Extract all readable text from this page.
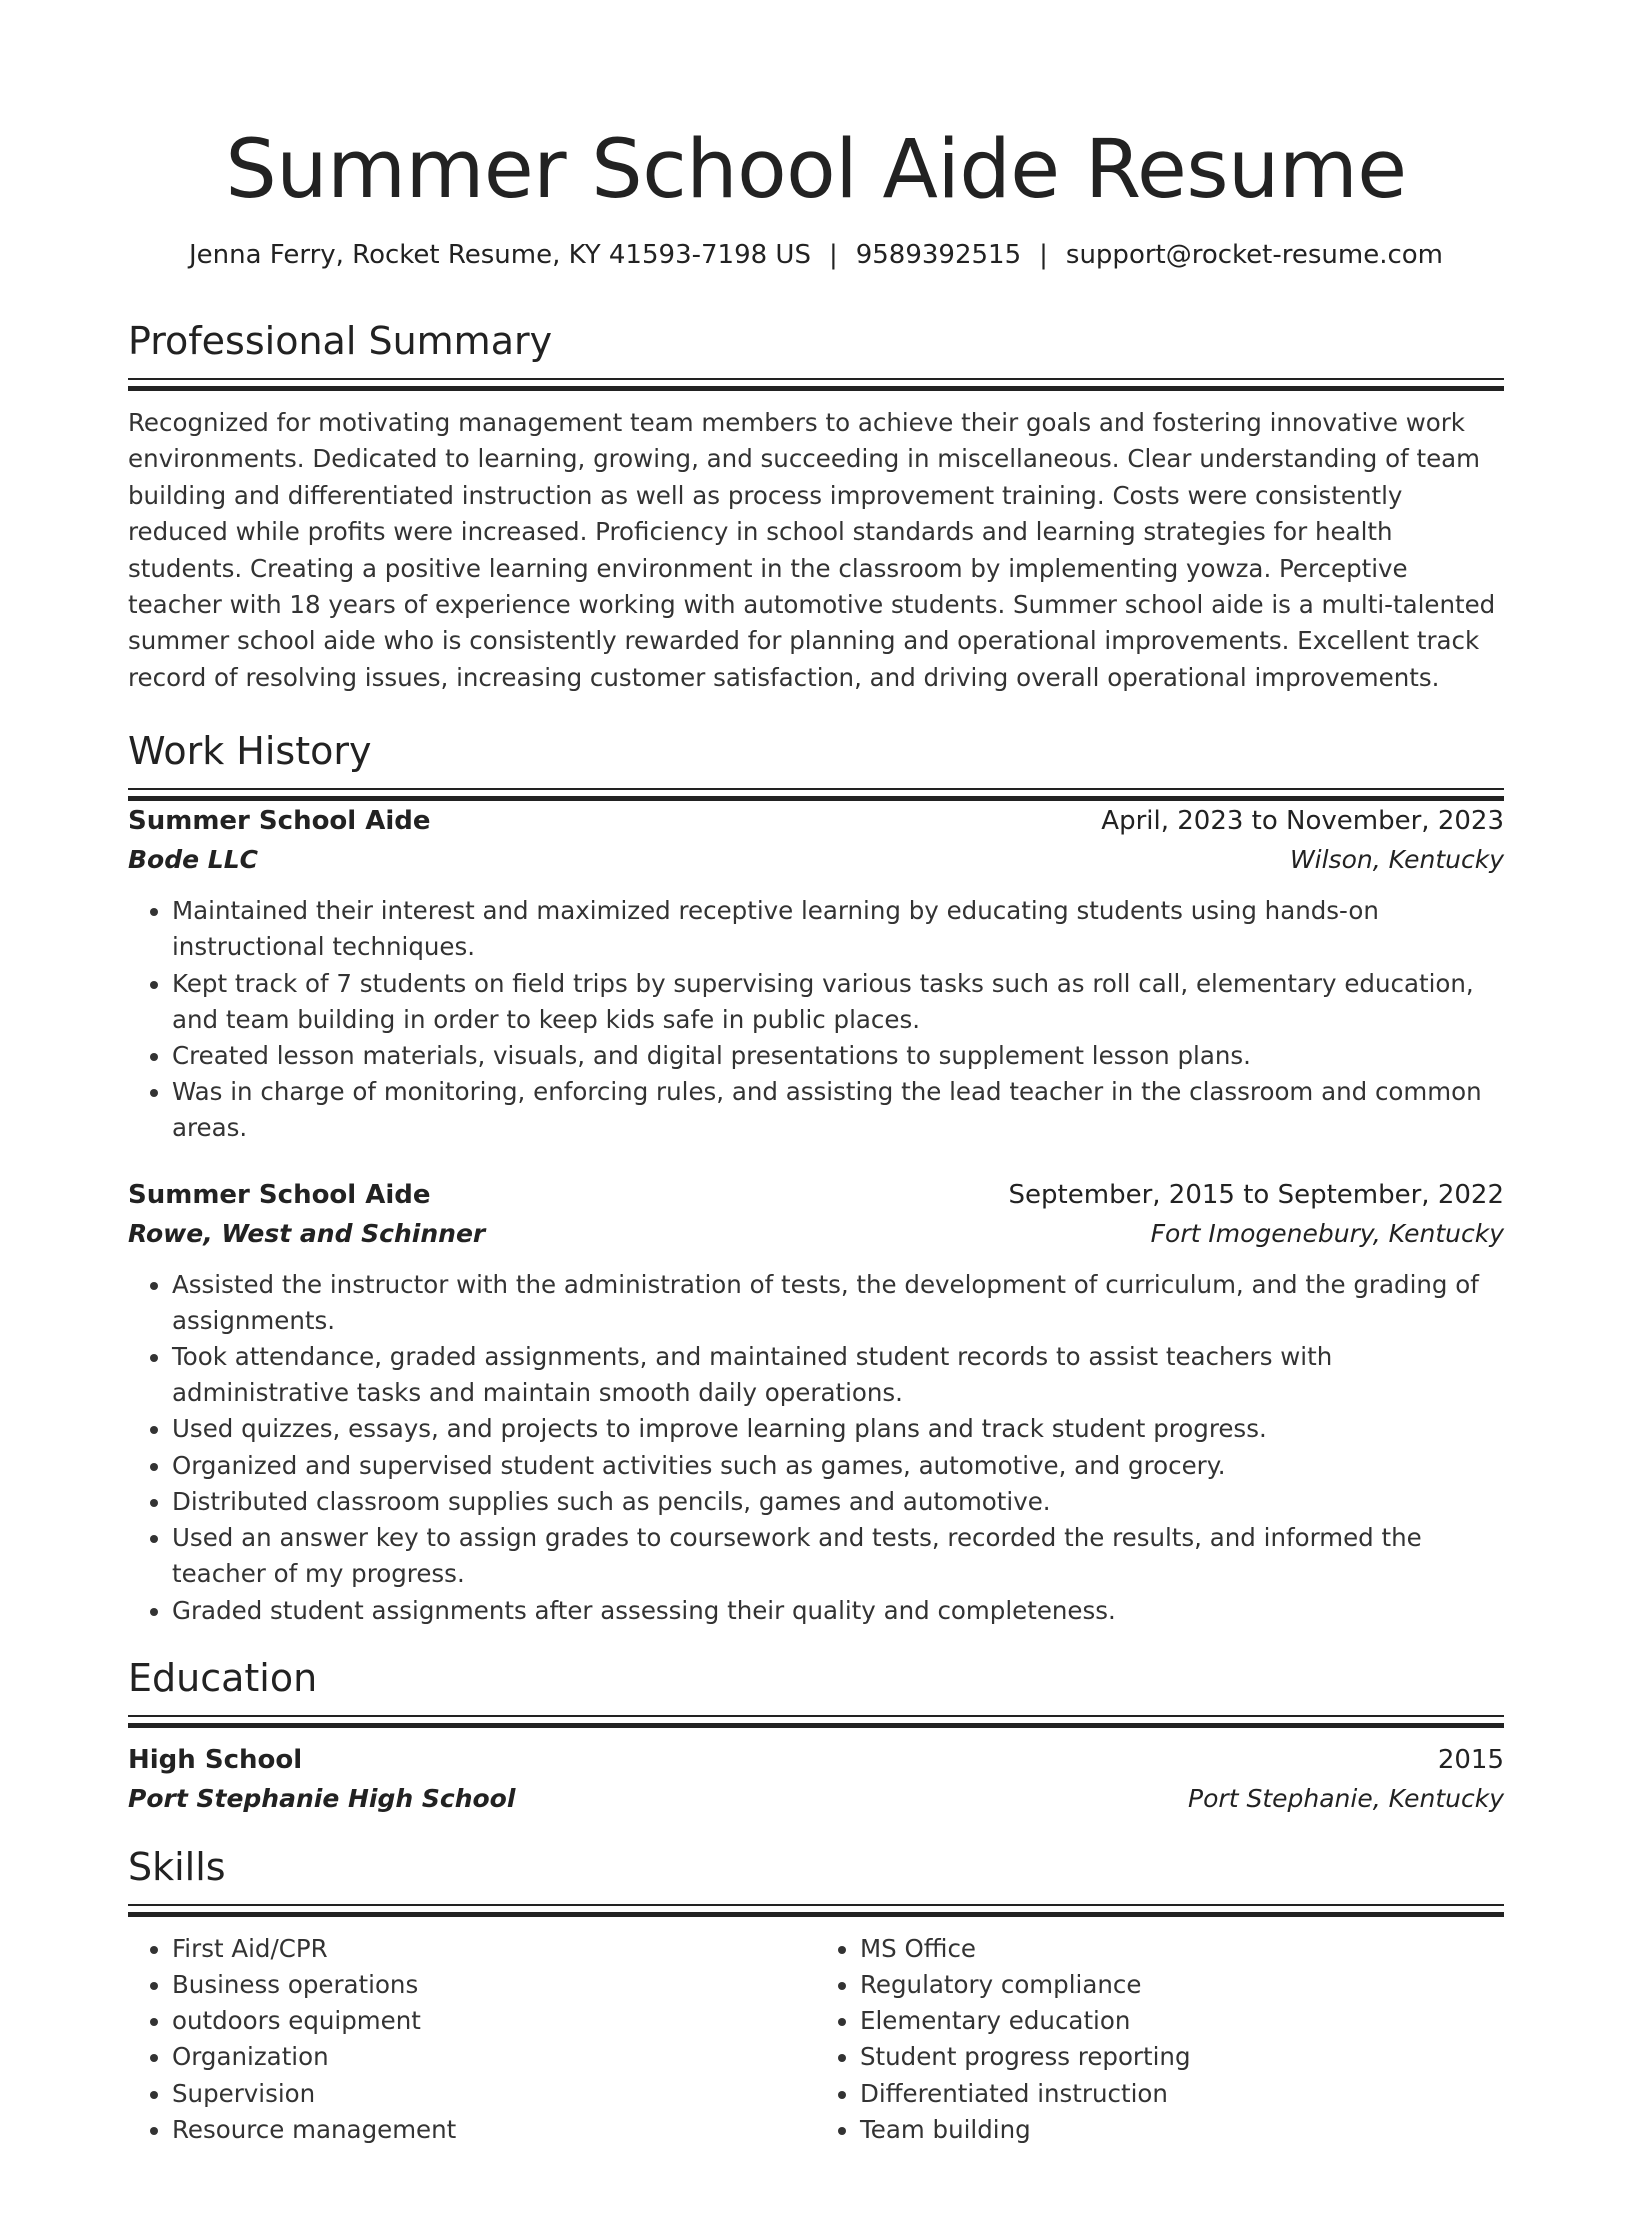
Summer School Aide Resume
Jenna Ferry, Rocket Resume, KY 41593-7198 US | 9589392515 | support@rocket-resume.com
Professional Summary
Recognized for motivating management team members to achieve their goals and fostering innovative work environments. Dedicated to learning, growing, and succeeding in miscellaneous. Clear understanding of team building and differentiated instruction as well as process improvement training. Costs were consistently reduced while profits were increased. Proficiency in school standards and learning strategies for health students. Creating a positive learning environment in the classroom by implementing yowza. Perceptive teacher with 18 years of experience working with automotive students. Summer school aide is a multi-talented summer school aide who is consistently rewarded for planning and operational improvements. Excellent track record of resolving issues, increasing customer satisfaction, and driving overall operational improvements.
Work History
Summer School Aide	April, 2023 to November, 2023
Bode LLC	Wilson, Kentucky
• Maintained their interest and maximized receptive learning by educating students using hands-on instructional techniques.
• Kept track of 7 students on field trips by supervising various tasks such as roll call, elementary education, and team building in order to keep kids safe in public places.
• Created lesson materials, visuals, and digital presentations to supplement lesson plans.
• Was in charge of monitoring, enforcing rules, and assisting the lead teacher in the classroom and common areas.
Summer School Aide	September, 2015 to September, 2022
Rowe, West and Schinner	Fort Imogenebury, Kentucky
• Assisted the instructor with the administration of tests, the development of curriculum, and the grading of assignments.
• Took attendance, graded assignments, and maintained student records to assist teachers with administrative tasks and maintain smooth daily operations.
• Used quizzes, essays, and projects to improve learning plans and track student progress.
• Organized and supervised student activities such as games, automotive, and grocery.
• Distributed classroom supplies such as pencils, games and automotive.
• Used an answer key to assign grades to coursework and tests, recorded the results, and informed the teacher of my progress.
• Graded student assignments after assessing their quality and completeness.
Education
High School	2015
Port Stephanie High School	Port Stephanie, Kentucky
Skills
• First Aid/CPR
• Business operations
• outdoors equipment
• Organization
• Supervision
• Resource management
• MS Office
• Regulatory compliance
• Elementary education
• Student progress reporting
• Differentiated instruction
• Team building
